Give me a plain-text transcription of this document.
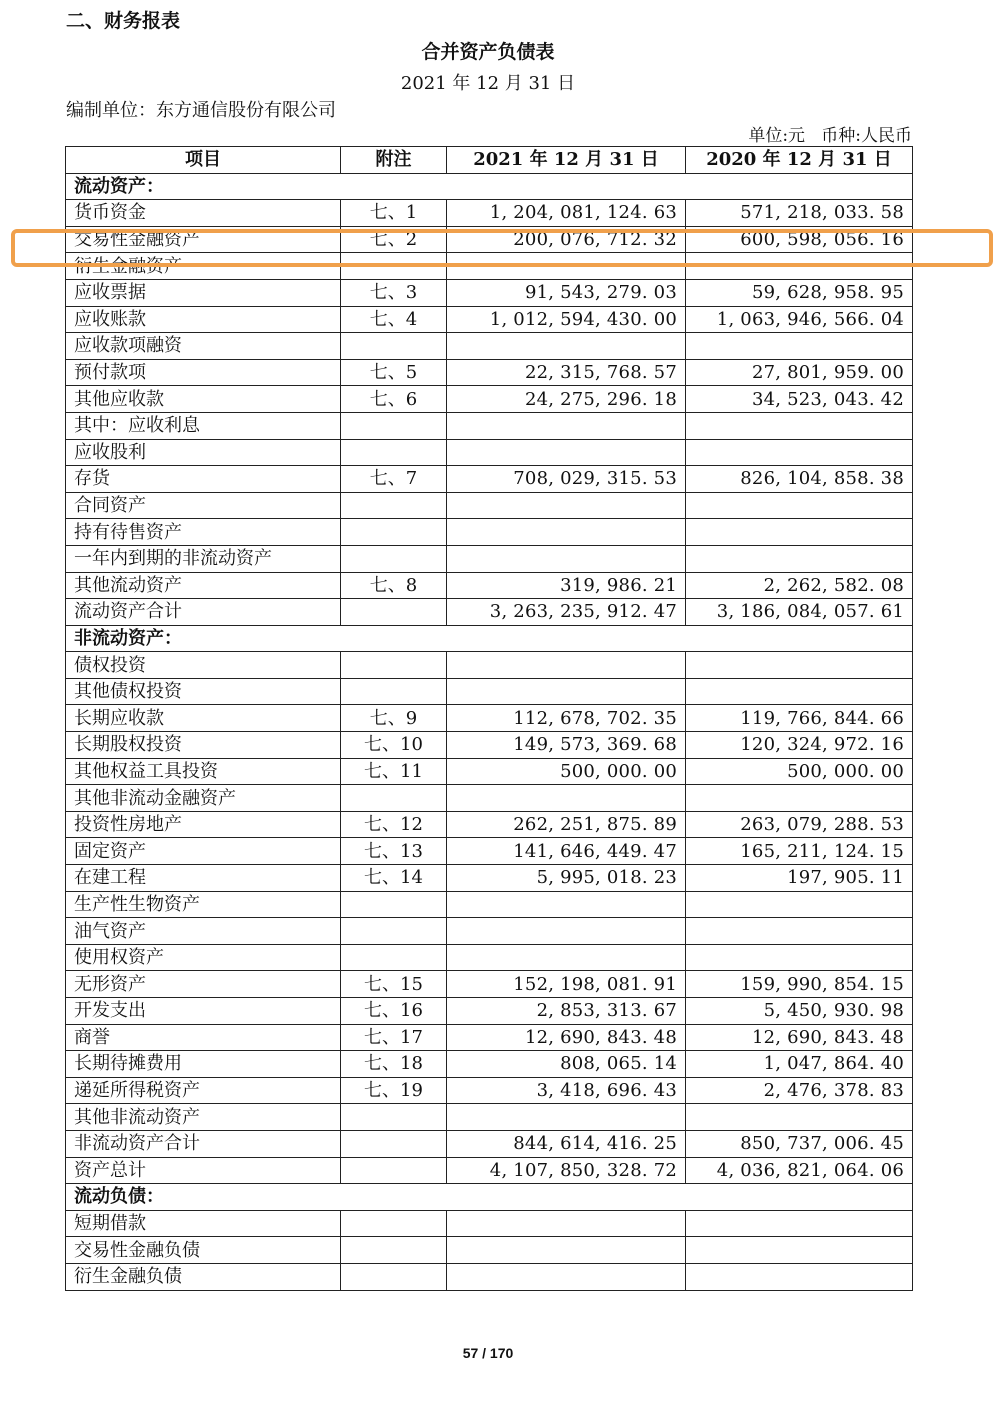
二、财务报表
合并资产负债表
2021 年 12 月 31 日
编制单位：东方通信股份有限公司
单位:元   币种:人民币
项目	附注	2021 年 12 月 31 日	2020 年 12 月 31 日
流动资产：			
货币资金	七、1	1, 204, 081, 124. 63	571, 218, 033. 58
交易性金融资产	七、2	200, 076, 712. 32	600, 598, 056. 16
衍生金融资产			
应收票据	七、3	91, 543, 279. 03	59, 628, 958. 95
应收账款	七、4	1, 012, 594, 430. 00	1, 063, 946, 566. 04
应收款项融资			
预付款项	七、5	22, 315, 768. 57	27, 801, 959. 00
其他应收款	七、6	24, 275, 296. 18	34, 523, 043. 42
其中：应收利息			
应收股利			
存货	七、7	708, 029, 315. 53	826, 104, 858. 38
合同资产			
持有待售资产			
一年内到期的非流动资产			
其他流动资产	七、8	319, 986. 21	2, 262, 582. 08
流动资产合计		3, 263, 235, 912. 47	3, 186, 084, 057. 61
非流动资产：			
债权投资			
其他债权投资			
长期应收款	七、9	112, 678, 702. 35	119, 766, 844. 66
长期股权投资	七、10	149, 573, 369. 68	120, 324, 972. 16
其他权益工具投资	七、11	500, 000. 00	500, 000. 00
其他非流动金融资产			
投资性房地产	七、12	262, 251, 875. 89	263, 079, 288. 53
固定资产	七、13	141, 646, 449. 47	165, 211, 124. 15
在建工程	七、14	5, 995, 018. 23	197, 905. 11
生产性生物资产			
油气资产			
使用权资产			
无形资产	七、15	152, 198, 081. 91	159, 990, 854. 15
开发支出	七、16	2, 853, 313. 67	5, 450, 930. 98
商誉	七、17	12, 690, 843. 48	12, 690, 843. 48
长期待摊费用	七、18	808, 065. 14	1, 047, 864. 40
递延所得税资产	七、19	3, 418, 696. 43	2, 476, 378. 83
其他非流动资产			
非流动资产合计		844, 614, 416. 25	850, 737, 006. 45
资产总计		4, 107, 850, 328. 72	4, 036, 821, 064. 06
流动负债：			
短期借款			
交易性金融负债			
衍生金融负债			
57 / 170
